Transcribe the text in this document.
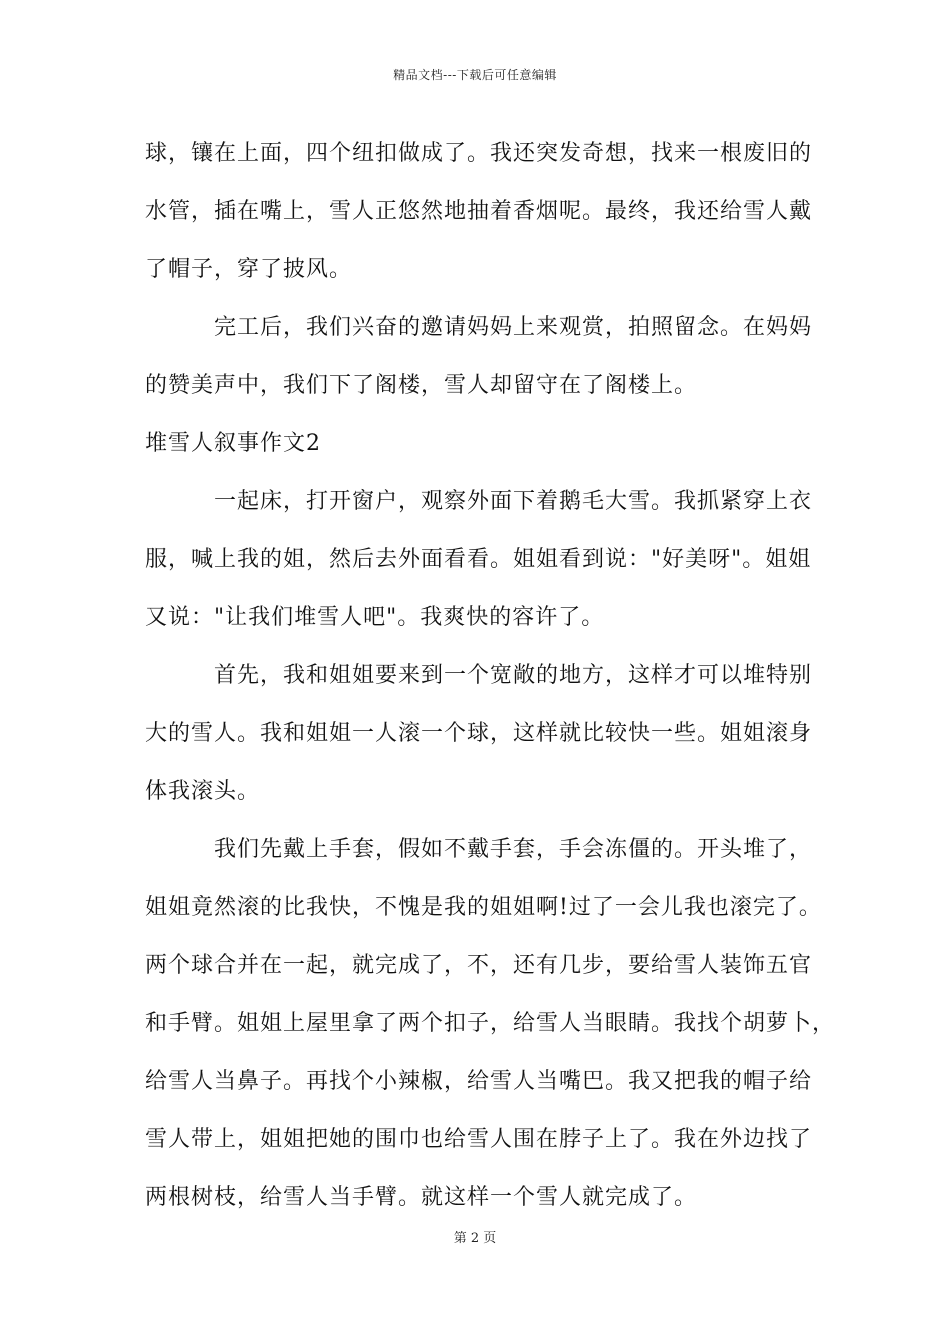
精品文档---下载后可任意编辑
球，镶在上面，四个纽扣做成了。我还突发奇想，找来一根废旧的
水管，插在嘴上，雪人正悠然地抽着香烟呢。最终，我还给雪人戴
了帽子，穿了披风。
完工后，我们兴奋的邀请妈妈上来观赏，拍照留念。在妈妈
的赞美声中，我们下了阁楼，雪人却留守在了阁楼上。
堆雪人叙事作文2
一起床，打开窗户，观察外面下着鹅毛大雪。我抓紧穿上衣
服，喊上我的姐，然后去外面看看。姐姐看到说："好美呀"。姐姐
又说："让我们堆雪人吧"。我爽快的容许了。
首先，我和姐姐要来到一个宽敞的地方，这样才可以堆特别
大的雪人。我和姐姐一人滚一个球，这样就比较快一些。姐姐滚身
体我滚头。
我们先戴上手套，假如不戴手套，手会冻僵的。开头堆了，
姐姐竟然滚的比我快，不愧是我的姐姐啊!过了一会儿我也滚完了。
两个球合并在一起，就完成了，不，还有几步，要给雪人装饰五官
和手臂。姐姐上屋里拿了两个扣子，给雪人当眼睛。我找个胡萝卜，
给雪人当鼻子。再找个小辣椒，给雪人当嘴巴。我又把我的帽子给
雪人带上，姐姐把她的围巾也给雪人围在脖子上了。我在外边找了
两根树枝，给雪人当手臂。就这样一个雪人就完成了。
第 2 页
